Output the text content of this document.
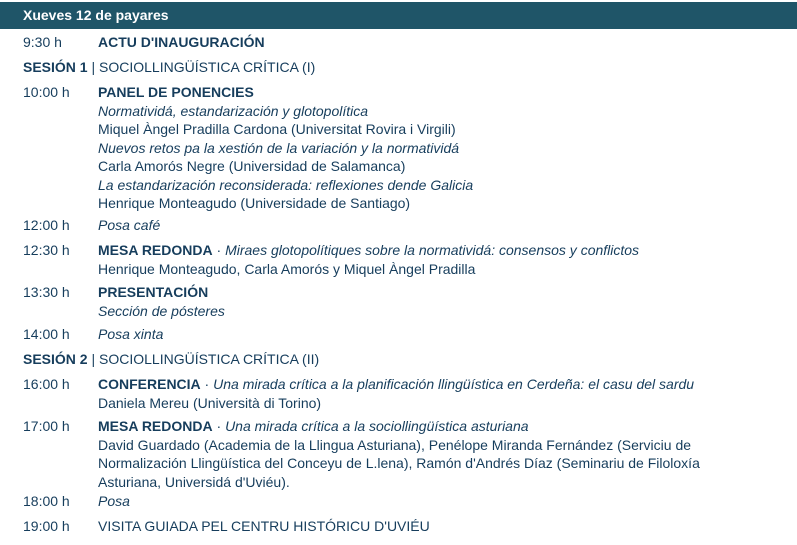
Xueves 12 de payares
9:30 h	ACTU D'INAUGURACIÓN
SESIÓN 1 | SOCIOLLINGÜÍSTICA CRÍTICA (I)
10:00 h	PANEL DE PONENCIES
Normatividá, estandarización y glotopolítica
Miquel Àngel Pradilla Cardona (Universitat Rovira i Virgili)
Nuevos retos pa la xestión de la variación y la normatividá
Carla Amorós Negre (Universidad de Salamanca)
La estandarización reconsiderada: reflexiones dende Galicia
Henrique Monteagudo (Universidade de Santiago)
12:00 h	Posa café
12:30 h	MESA REDONDA · Miraes glotopolítiques sobre la normatividá: consensos y conflictos
Henrique Monteagudo, Carla Amorós y Miquel Àngel Pradilla
13:30 h	PRESENTACIÓN
Sección de pósteres
14:00 h	Posa xinta
SESIÓN 2 | SOCIOLLINGÜÍSTICA CRÍTICA (II)
16:00 h	CONFERENCIA · Una mirada crítica a la planificación llingüística en Cerdeña: el casu del sardu
Daniela Mereu (Università di Torino)
17:00 h	MESA REDONDA · Una mirada crítica a la sociollingüística asturiana
David Guardado (Academia de la Llingua Asturiana), Penélope Miranda Fernández (Serviciu de Normalización Llingüística del Conceyu de L.lena), Ramón d'Andrés Díaz (Seminariu de Filoloxía Asturiana, Universidá d'Uviéu).
18:00 h	Posa
19:00 h	VISITA GUIADA PEL CENTRU HISTÓRICU D'UVIÉU
